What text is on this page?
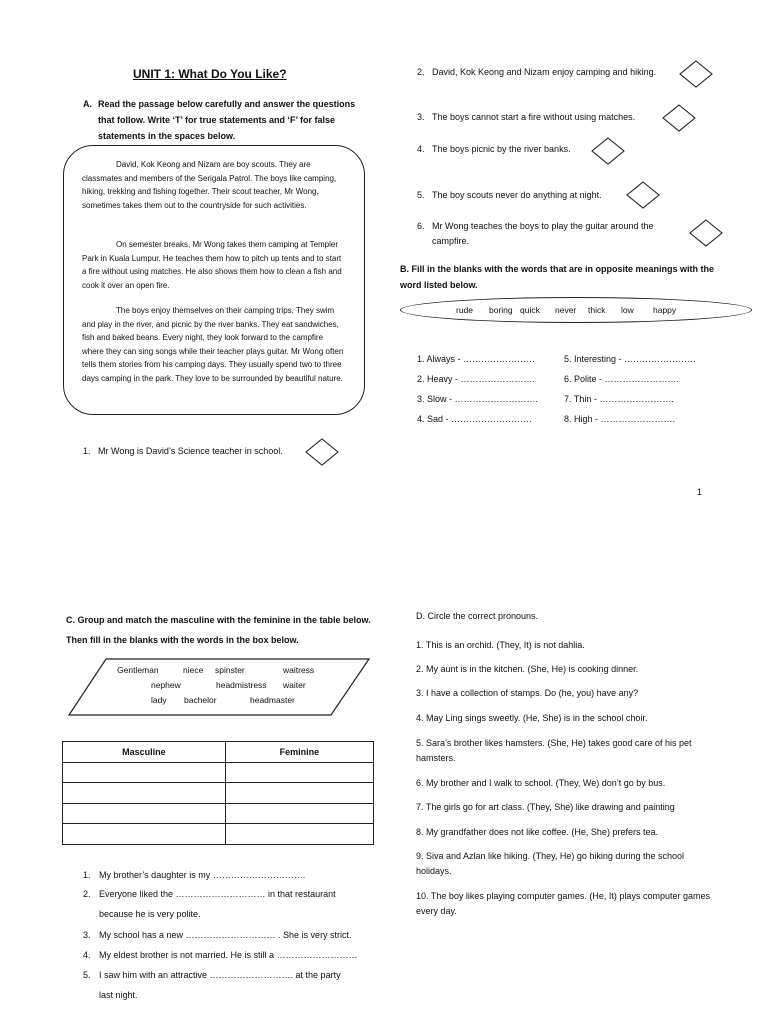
UNIT 1: What Do You Like?
A. Read the passage below carefully and answer the questions that follow. Write ‘T’ for true statements and ‘F’ for false statements in the spaces below.
David, Kok Keong and Nizam are boy scouts. They are classmates and members of the Serigala Patrol. The boys like camping, hiking, trekking and fishing together. Their scout teacher, Mr Wong, sometimes takes them out to the countryside for such activities.
On semester breaks, Mr Wong takes them camping at Templer Park in Kuala Lumpur. He teaches them how to pitch up tents and to start a fire without using matches. He also shows them how to clean a fish and cook it over an open fire.
The boys enjoy themselves on their camping trips. They swim and play in the river, and picnic by the river banks. They eat sandwiches, fish and baked beans. Every night, they look forward to the campfire where they can sing songs while their teacher plays guitar. Mr Wong often tells them stories from his camping days. They usually spend two to three days camping in the park. They love to be surrounded by beautiful nature.
1. Mr Wong is David’s Science teacher in school.
2. David, Kok Keong and Nizam enjoy camping and hiking.
3. The boys cannot start a fire without using matches.
4. The boys picnic by the river banks.
5. The boy scouts never do anything at night.
6. Mr Wong teaches the boys to play the guitar around the
campfire.
B. Fill in the blanks with the words that are in opposite meanings with the word listed below.
rude boring quick never thick low happy
1. Always - ……………………	5. Interesting - ……………………
2. Heavy - …………………….	6. Polite - …………………….
3. Slow - ……………………….	7. Thin - …………………….
4. Sad - ………………………	8. High - …………………….
1
C. Group and match the masculine with the feminine in the table below. Then fill in the blanks with the words in the box below.
Gentleman	niece spinster	waitress
nephew	headmistress waiter
lady bachelor	headmaster
Masculine	Feminine

1. My brother’s daughter is my ………………………….
2. Everyone liked the ………………………… in that restaurant
because he is very polite.
3. My school has a new ………………………… . She is very strict.
4. My eldest brother is not married. He is still a ………………………
5. I saw him with an attractive ………………………. at the party
last night.
D. Circle the correct pronouns.
1. This is an orchid. (They, It) is not dahlia.
2. My aunt is in the kitchen. (She, He) is cooking dinner.
3. I have a collection of stamps. Do (he, you) have any?
4. May Ling sings sweetly. (He, She) is in the school choir.
5. Sara’s brother likes hamsters. (She, He) takes good care of his pet hamsters.
6. My brother and I walk to school. (They, We) don’t go by bus.
7. The girls go for art class. (They, She) like drawing and painting
8. My grandfather does not like coffee. (He, She) prefers tea.
9. Siva and Azlan like hiking. (They, He) go hiking during the school holidays.
10. The boy likes playing computer games. (He, It) plays computer games every day.
